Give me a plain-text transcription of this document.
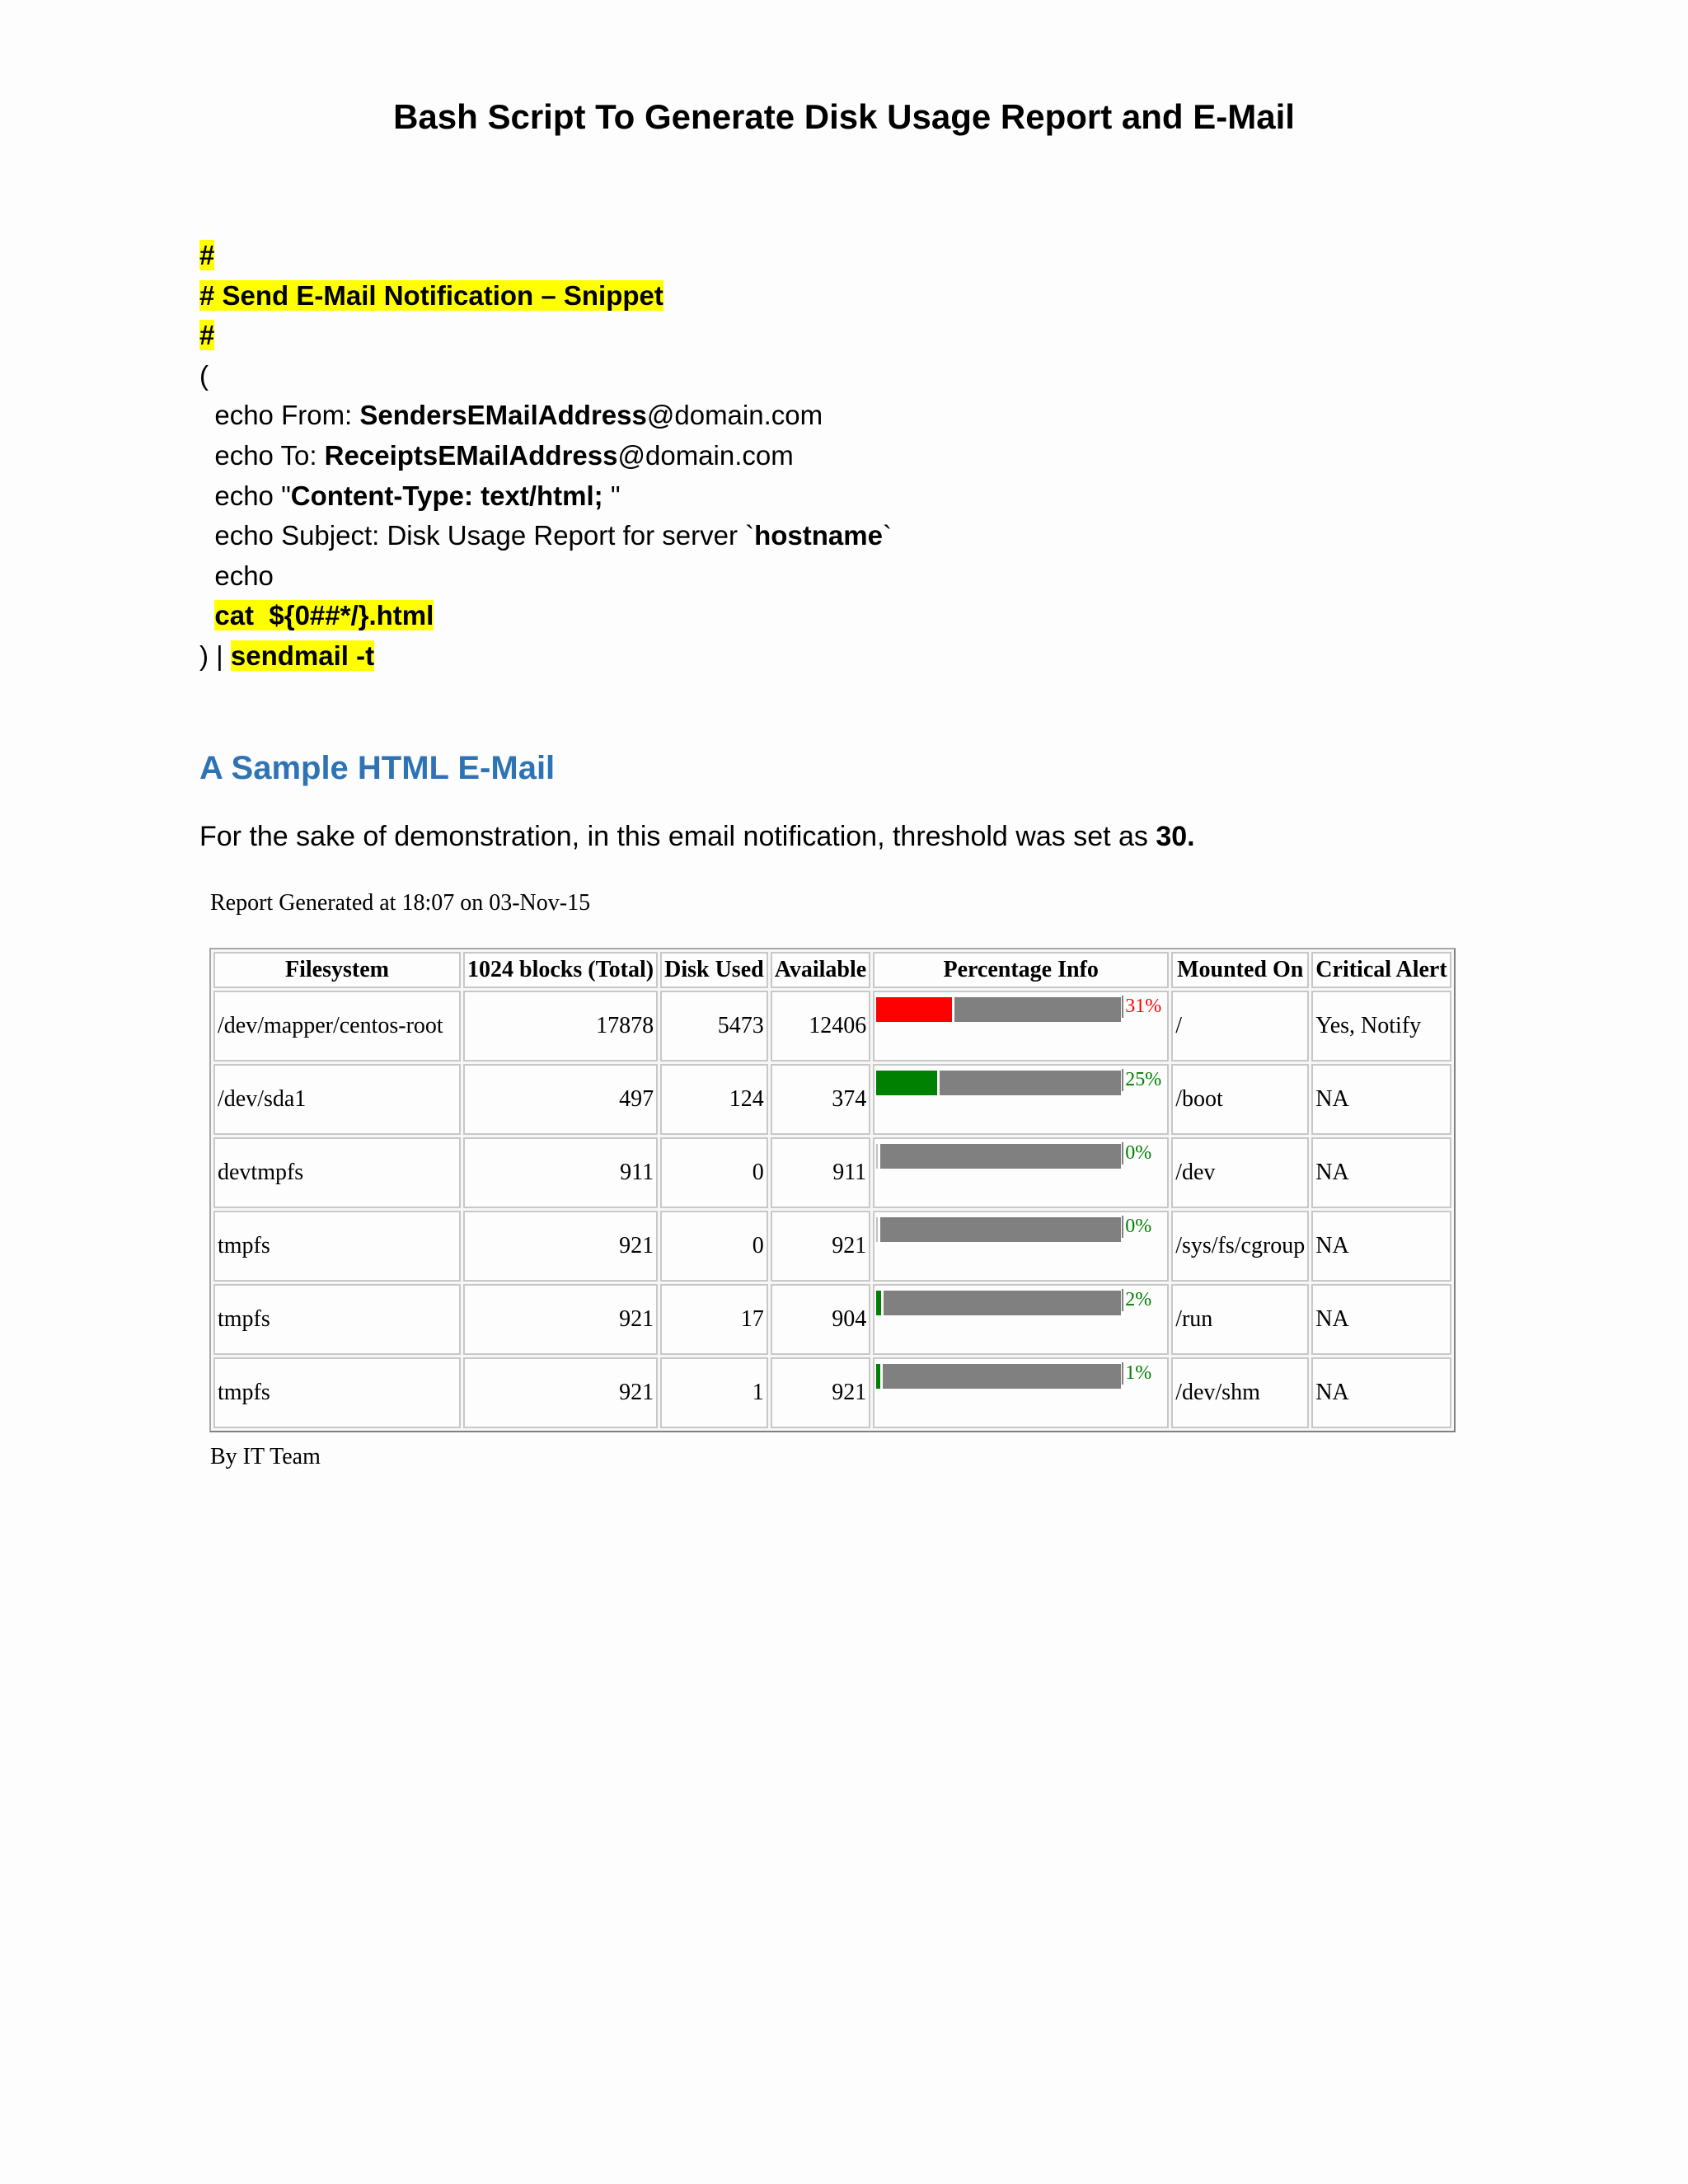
Bash Script To Generate Disk Usage Report and E-Mail
#
# Send E-Mail Notification – Snippet
#
(
echo From: SendersEMailAddress@domain.com
echo To: ReceiptsEMailAddress@domain.com
echo "Content-Type: text/html; "
echo Subject: Disk Usage Report for server `hostname`
echo
cat  ${0##*/}.html
) | sendmail -t
A Sample HTML E-Mail
For the sake of demonstration, in this email notification, threshold was set as 30.
Report Generated at 18:07 on 03-Nov-15
Filesystem	1024 blocks (Total)	Disk Used	Available	Percentage Info	Mounted On	Critical Alert
/dev/mapper/centos-root	17878	5473	12406	31%	/	Yes, Notify
/dev/sda1	497	124	374	25%	/boot	NA
devtmpfs	911	0	911	0%	/dev	NA
tmpfs	921	0	921	0%	/sys/fs/cgroup	NA
tmpfs	921	17	904	2%	/run	NA
tmpfs	921	1	921	1%	/dev/shm	NA
By IT Team
